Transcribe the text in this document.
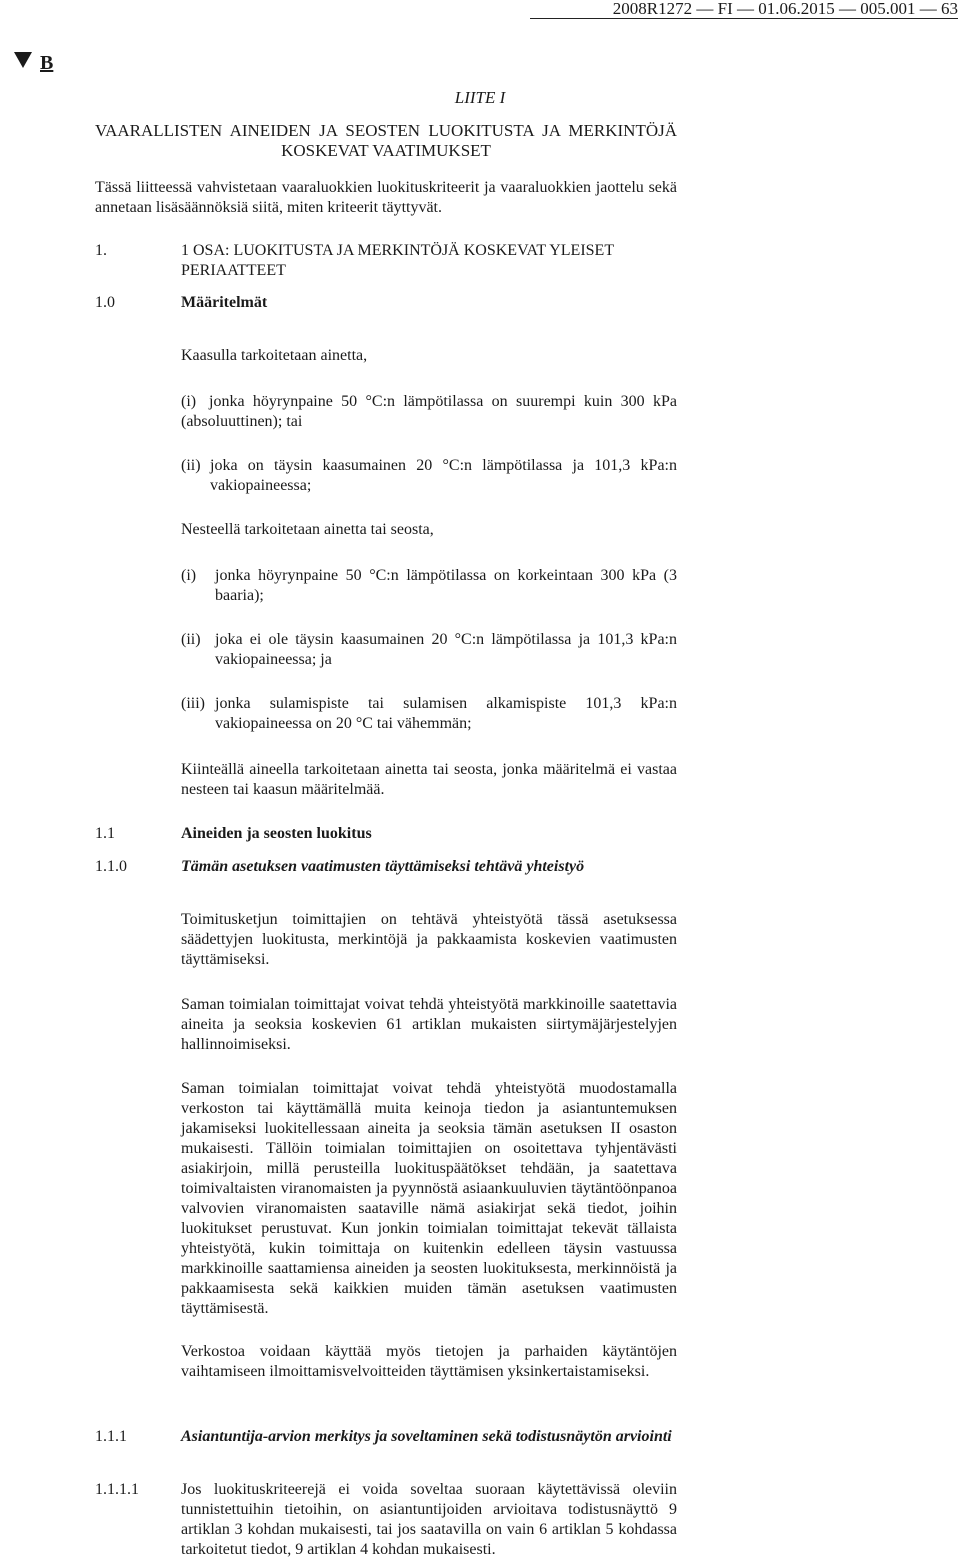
2008R1272 — FI — 01.06.2015 — 005.001 — 63
B
LIITE I
VAARALLISTEN AINEIDEN JA SEOSTEN LUOKITUSTA JA MERKINTÖJÄ KOSKEVAT VAATIMUKSET

Tässä liitteessä vahvistetaan vaaraluokkien luokituskriteerit ja vaaraluokkien jaottelu sekä annetaan lisäsäännöksiä siitä, miten kriteerit täyttyvät.

1.	1 OSA: LUOKITUSTA JA MERKINTÖJÄ KOSKEVAT YLEISET PERIAATTEET
1.0	Määritelmät

Kaasulla tarkoitetaan ainetta,

(i) jonka höyrynpaine 50 °C:n lämpötilassa on suurempi kuin 300 kPa (absoluuttinen); tai
(ii) joka on täysin kaasumainen 20 °C:n lämpötilassa ja 101,3 kPa:n vakiopaineessa;

Nesteellä tarkoitetaan ainetta tai seosta,

(i)	jonka höyrynpaine 50 °C:n lämpötilassa on korkeintaan 300 kPa (3 baaria);
(ii) joka ei ole täysin kaasumainen 20 °C:n lämpötilassa ja 101,3 kPa:n vakiopaineessa; ja
(iii) jonka sulamispiste tai sulamisen alkamispiste 101,3 kPa:n vakiopaineessa on 20 °C tai vähemmän;

Kiinteällä aineella tarkoitetaan ainetta tai seosta, jonka määritelmä ei vastaa nesteen tai kaasun määritelmää.

1.1	Aineiden ja seosten luokitus
1.1.0	Tämän asetuksen vaatimusten täyttämiseksi tehtävä yhteistyö

Toimitusketjun toimittajien on tehtävä yhteistyötä tässä asetuksessa säädettyjen luokitusta, merkintöjä ja pakkaamista koskevien vaatimusten täyttämiseksi.

Saman toimialan toimittajat voivat tehdä yhteistyötä markkinoille saatettavia aineita ja seoksia koskevien 61 artiklan mukaisten siirtymäjärjestelyjen hallinnoimiseksi.

Saman toimialan toimittajat voivat tehdä yhteistyötä muodostamalla verkoston tai käyttämällä muita keinoja tiedon ja asiantuntemuksen jakamiseksi luokitellessaan aineita ja seoksia tämän asetuksen II osaston mukaisesti. Tällöin toimialan toimittajien on osoitettava tyhjentävästi asiakirjoin, millä perusteilla luokituspäätökset tehdään, ja saatettava toimivaltaisten viranomaisten ja pyynnöstä asiaankuuluvien täytäntöönpanoa valvovien viranomaisten saataville nämä asiakirjat sekä tiedot, joihin luokitukset perustuvat. Kun jonkin toimialan toimittajat tekevät tällaista yhteistyötä, kukin toimittaja on kuitenkin edelleen täysin vastuussa markkinoille saattamiensa aineiden ja seosten luokituksesta, merkinnöistä ja pakkaamisesta sekä kaikkien muiden tämän asetuksen vaatimusten täyttämisestä.

Verkostoa voidaan käyttää myös tietojen ja parhaiden käytäntöjen vaihtamiseen ilmoittamisvelvoitteiden täyttämisen yksinkertaistamiseksi.

1.1.1	Asiantuntija-arvion merkitys ja soveltaminen sekä todistusnäytön arviointi
1.1.1.1	Jos luokituskriteerejä ei voida soveltaa suoraan käytettävissä oleviin tunnistettuihin tietoihin, on asiantuntijoiden arvioitava todistusnäyttö 9 artiklan 3 kohdan mukaisesti, tai jos saatavilla on vain 6 artiklan 5 kohdassa tarkoitetut tiedot, 9 artiklan 4 kohdan mukaisesti.
